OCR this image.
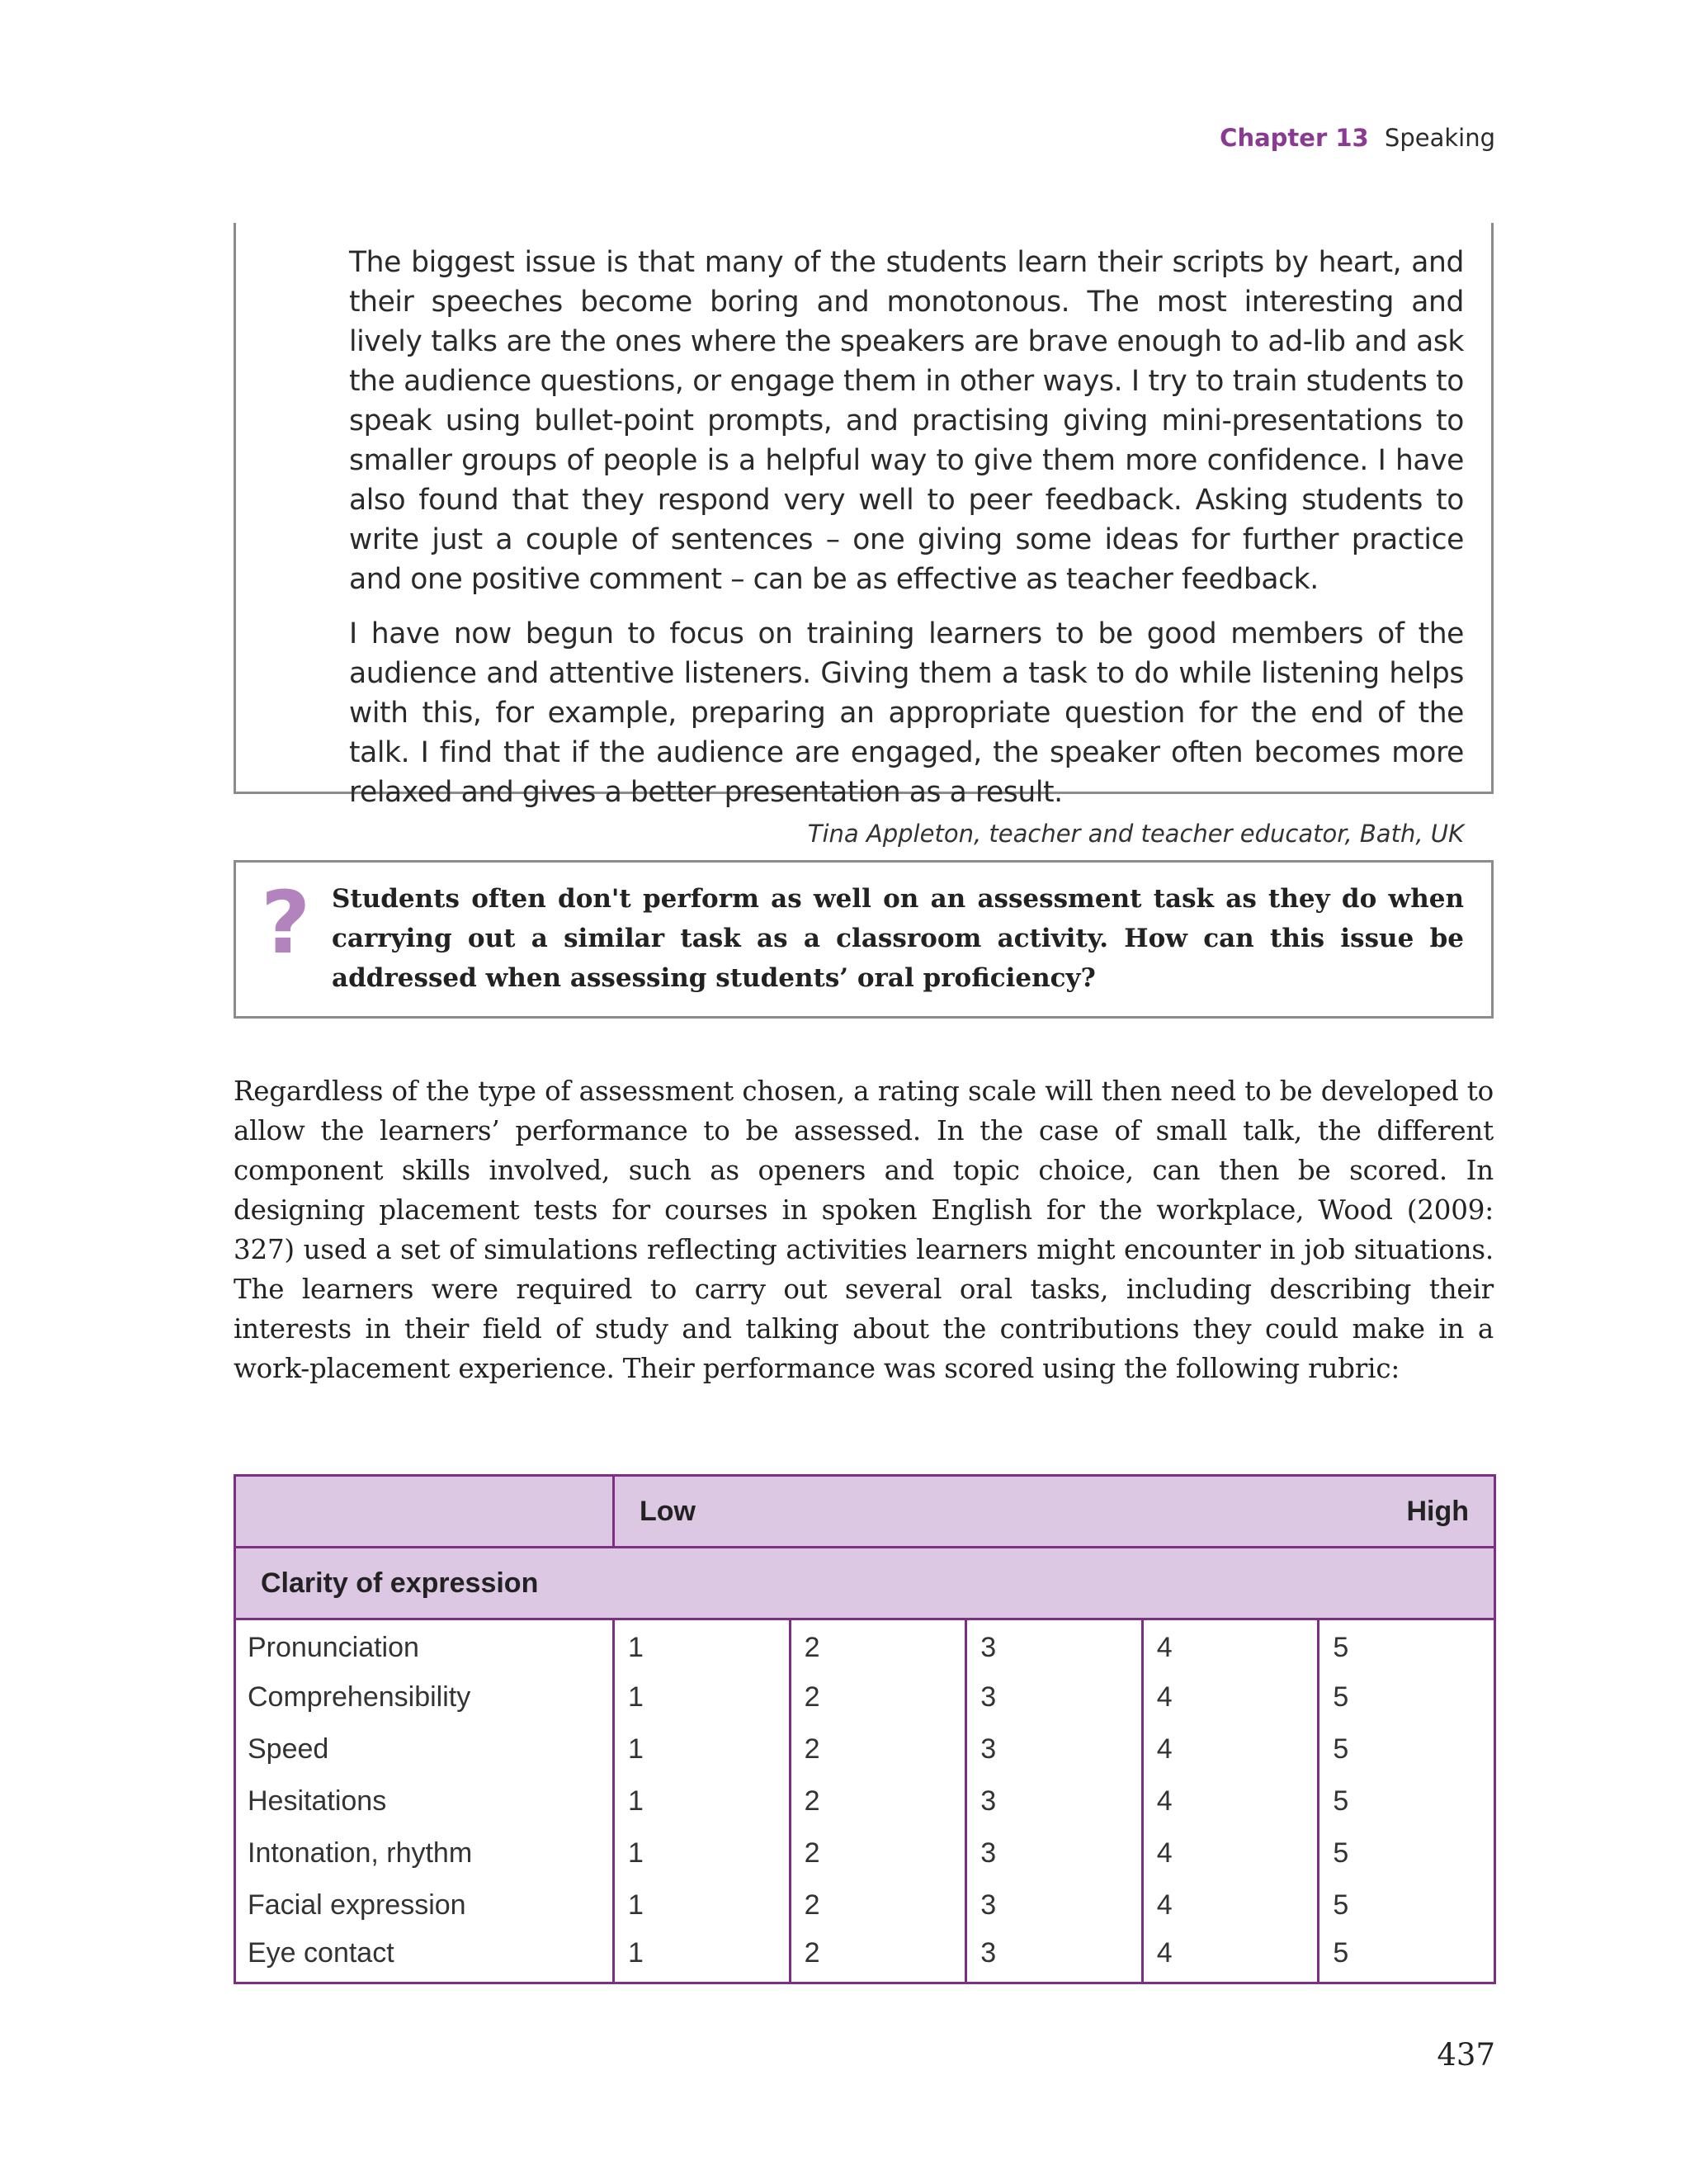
Chapter 13 Speaking

The biggest issue is that many of the students learn their scripts by heart, and their speeches become boring and monotonous. The most interesting and lively talks are the ones where the speakers are brave enough to ad-lib and ask the audience questions, or engage them in other ways. I try to train students to speak using bullet-point prompts, and practising giving mini-presentations to smaller groups of people is a helpful way to give them more confidence. I have also found that they respond very well to peer feedback. Asking students to write just a couple of sentences – one giving some ideas for further practice and one positive comment – can be as effective as teacher feedback.

I have now begun to focus on training learners to be good members of the audience and attentive listeners. Giving them a task to do while listening helps with this, for example, preparing an appropriate question for the end of the talk. I find that if the audience are engaged, the speaker often becomes more relaxed and gives a better presentation as a result.

Tina Appleton, teacher and teacher educator, Bath, UK
? Students often don't perform as well on an assessment task as they do when carrying out a similar task as a classroom activity. How can this issue be addressed when assessing students’ oral proficiency?

Regardless of the type of assessment chosen, a rating scale will then need to be developed to allow the learners’ performance to be assessed. In the case of small talk, the different component skills involved, such as openers and topic choice, can then be scored. In designing placement tests for courses in spoken English for the workplace, Wood (2009: 327) used a set of simulations reflecting activities learners might encounter in job situations. The learners were required to carry out several oral tasks, including describing their interests in their field of study and talking about the contributions they could make in a work-placement experience. Their performance was scored using the following rubric:

	Low High				

Clarity of expression					
Pronunciation	1	2	3	4	5
Comprehensibility	1	2	3	4	5
Speed	1	2	3	4	5
Hesitations	1	2	3	4	5
Intonation, rhythm	1	2	3	4	5
Facial expression	1	2	3	4	5
Eye contact	1	2	3	4	5
437
